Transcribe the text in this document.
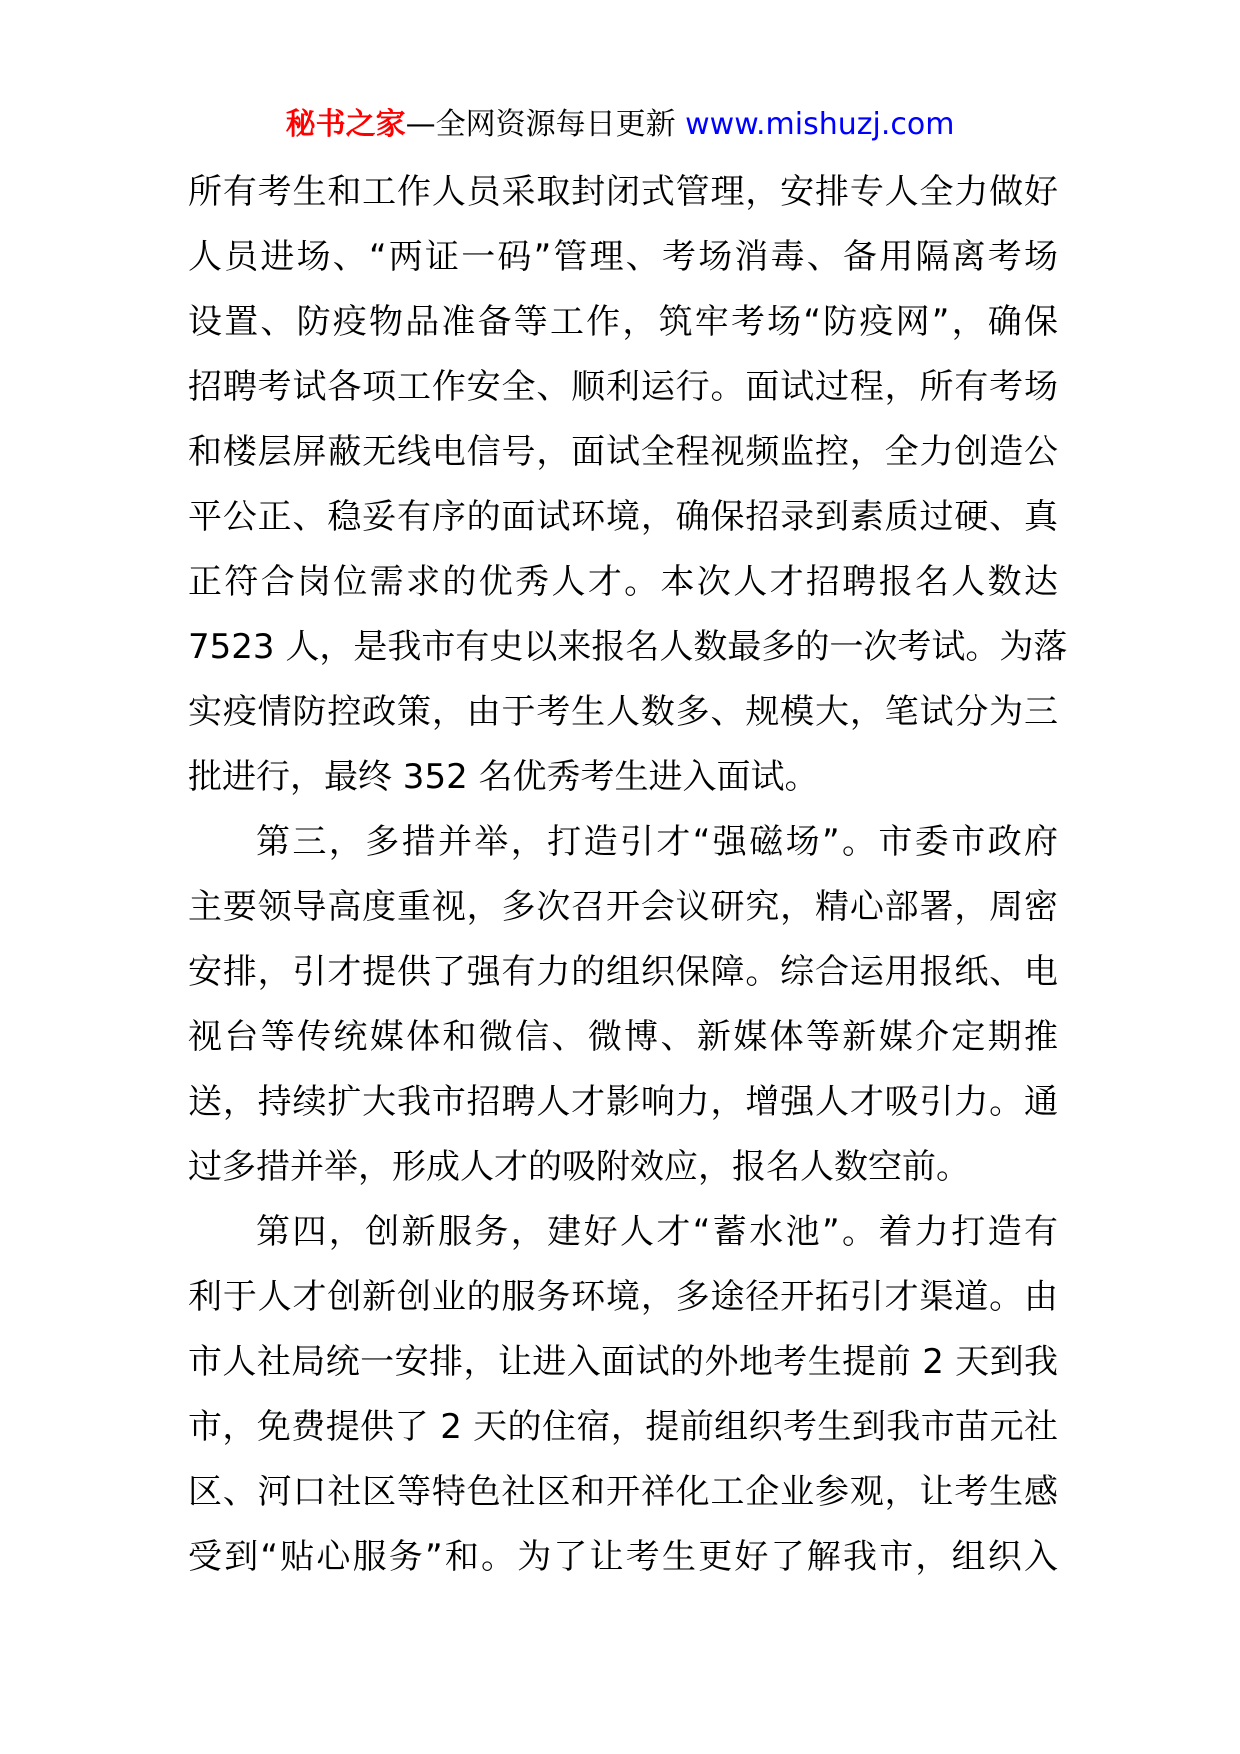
秘书之家—全网资源每日更新 www.mishuzj.com
所有考生和工作人员采取封闭式管理，安排专人全力做好
人员进场、“两证一码”管理、考场消毒、备用隔离考场
设置、防疫物品准备等工作，筑牢考场“防疫网”，确保
招聘考试各项工作安全、顺利运行。面试过程，所有考场
和楼层屏蔽无线电信号，面试全程视频监控，全力创造公
平公正、稳妥有序的面试环境，确保招录到素质过硬、真
正符合岗位需求的优秀人才。本次人才招聘报名人数达
7523 人，是我市有史以来报名人数最多的一次考试。为落
实疫情防控政策，由于考生人数多、规模大，笔试分为三
批进行，最终 352 名优秀考生进入面试。
第三，多措并举，打造引才“强磁场”。市委市政府
主要领导高度重视，多次召开会议研究，精心部署，周密
安排，引才提供了强有力的组织保障。综合运用报纸、电
视台等传统媒体和微信、微博、新媒体等新媒介定期推
送，持续扩大我市招聘人才影响力，增强人才吸引力。通
过多措并举，形成人才的吸附效应，报名人数空前。
第四，创新服务，建好人才“蓄水池”。着力打造有
利于人才创新创业的服务环境，多途径开拓引才渠道。由
市人社局统一安排，让进入面试的外地考生提前 2 天到我
市，免费提供了 2 天的住宿，提前组织考生到我市苗元社
区、河口社区等特色社区和开祥化工企业参观，让考生感
受到“贴心服务”和。为了让考生更好了解我市，组织入
